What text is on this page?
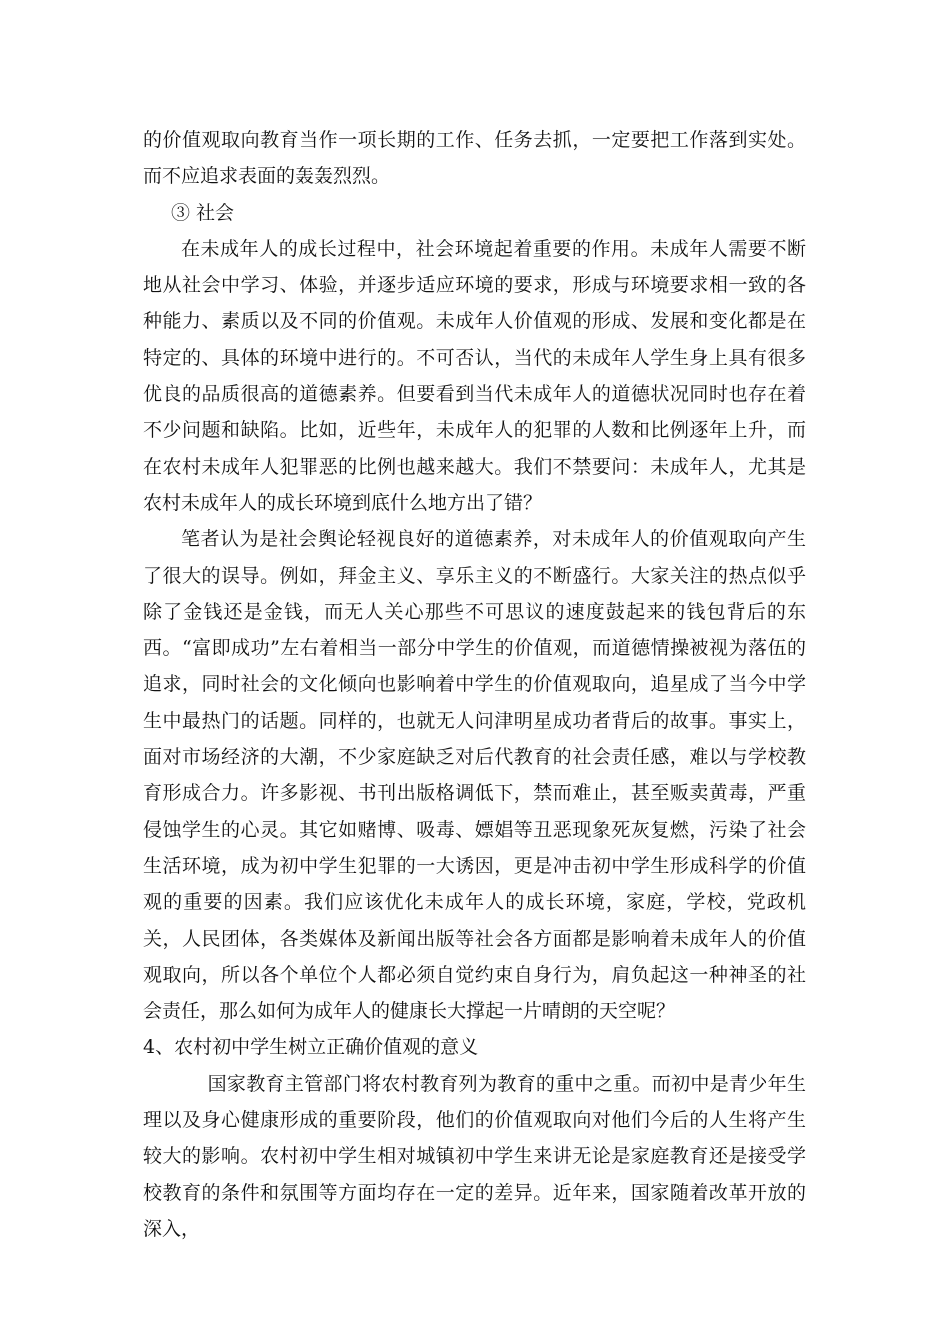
的价值观取向教育当作一项长期的工作、任务去抓，一定要把工作落到实处。而不应追求表面的轰轰烈烈。

③ 社会

在未成年人的成长过程中，社会环境起着重要的作用。未成年人需要不断地从社会中学习、体验，并逐步适应环境的要求，形成与环境要求相一致的各种能力、素质以及不同的价值观。未成年人价值观的形成、发展和变化都是在特定的、具体的环境中进行的。不可否认，当代的未成年人学生身上具有很多优良的品质很高的道德素养。但要看到当代未成年人的道德状况同时也存在着不少问题和缺陷。比如，近些年，未成年人的犯罪的人数和比例逐年上升，而在农村未成年人犯罪恶的比例也越来越大。我们不禁要问：未成年人，尤其是农村未成年人的成长环境到底什么地方出了错？

笔者认为是社会舆论轻视良好的道德素养，对未成年人的价值观取向产生了很大的误导。例如，拜金主义、享乐主义的不断盛行。大家关注的热点似乎除了金钱还是金钱，而无人关心那些不可思议的速度鼓起来的钱包背后的东西。“富即成功”左右着相当一部分中学生的价值观，而道德情操被视为落伍的追求，同时社会的文化倾向也影响着中学生的价值观取向，追星成了当今中学生中最热门的话题。同样的，也就无人问津明星成功者背后的故事。事实上，面对市场经济的大潮，不少家庭缺乏对后代教育的社会责任感，难以与学校教育形成合力。许多影视、书刊出版格调低下，禁而难止，甚至贩卖黄毒，严重侵蚀学生的心灵。其它如赌博、吸毒、嫖娼等丑恶现象死灰复燃，污染了社会生活环境，成为初中学生犯罪的一大诱因，更是冲击初中学生形成科学的价值观的重要的因素。我们应该优化未成年人的成长环境，家庭，学校，党政机关，人民团体，各类媒体及新闻出版等社会各方面都是影响着未成年人的价值观取向，所以各个单位个人都必须自觉约束自身行为，肩负起这一种神圣的社会责任，那么如何为成年人的健康长大撑起一片晴朗的天空呢？

4、农村初中学生树立正确价值观的意义

国家教育主管部门将农村教育列为教育的重中之重。而初中是青少年生理以及身心健康形成的重要阶段，他们的价值观取向对他们今后的人生将产生较大的影响。农村初中学生相对城镇初中学生来讲无论是家庭教育还是接受学校教育的条件和氛围等方面均存在一定的差异。近年来，国家随着改革开放的深入，
